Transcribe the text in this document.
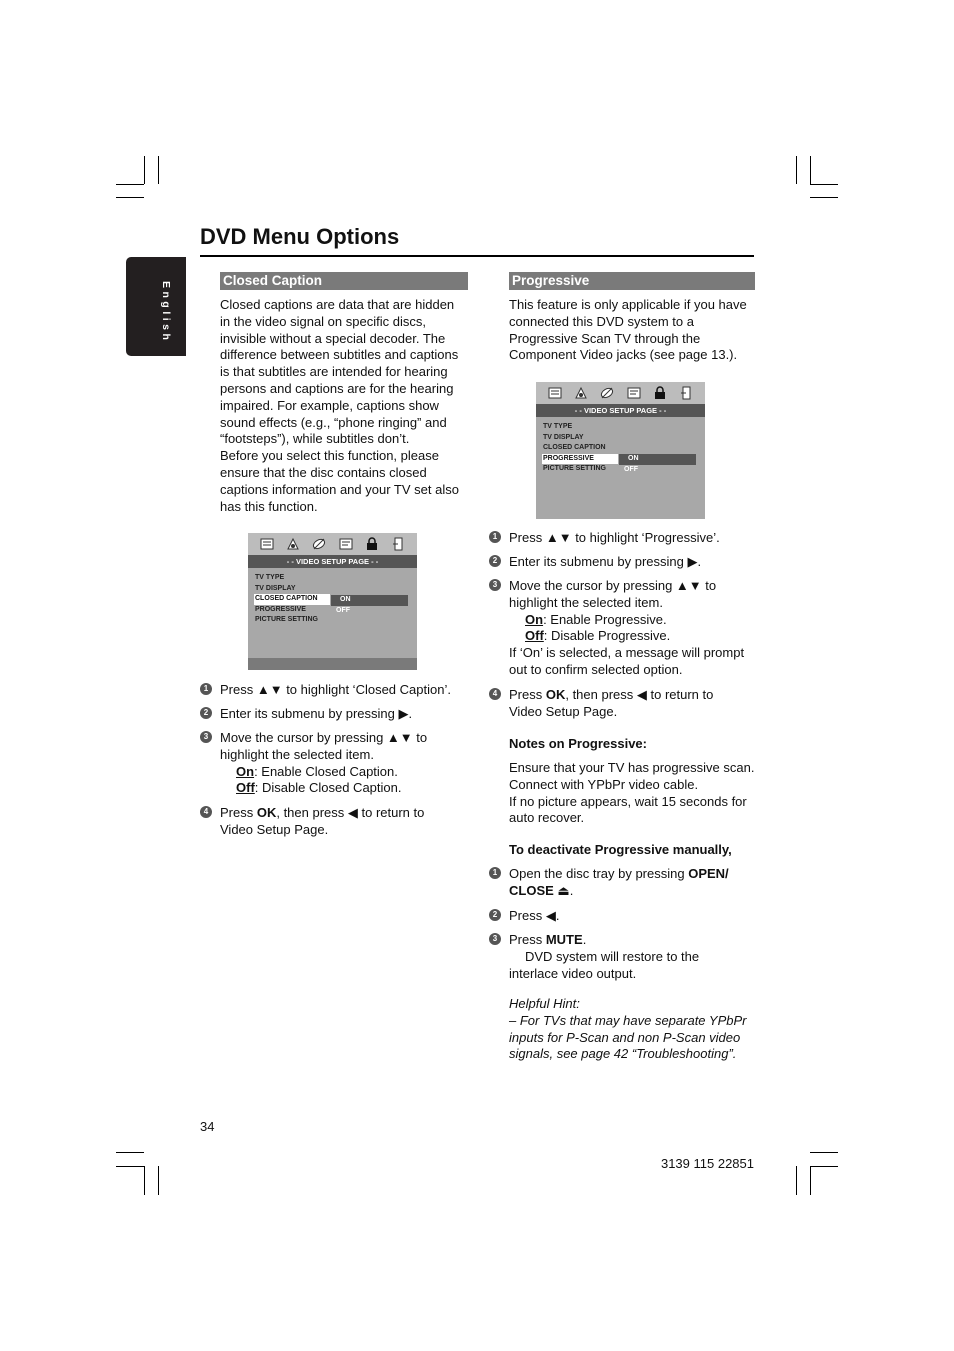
DVD Menu Options
English
Closed Caption

Closed captions are data that are hidden

in the video signal on specific discs,

invisible without a special decoder. The

difference between subtitles and captions

is that subtitles are intended for hearing

persons and captions are for the hearing

impaired. For example, captions show

sound effects (e.g., “phone ringing” and

“footsteps”), while subtitles don’t.

Before you select this function, please

ensure that the disc contains closed

captions information and your TV set also

has this function.

- - VIDEO SETUP PAGE - -
TV TYPE
TV DISPLAY
CLOSED CAPTION
PROGRESSIVE
PICTURE SETTING
ON
OFF
1 Press ▲▼ to highlight ‘Closed Caption’.
2 Enter its submenu by pressing ▶.
3 Move the cursor by pressing ▲▼ to
highlight the selected item.
On: Enable Closed Caption.
Off: Disable Closed Caption.
4 Press OK, then press ◀ to return to
Video Setup Page.
Progressive

This feature is only applicable if you have

connected this DVD system to a

Progressive Scan TV through the

Component Video jacks (see page 13.).

- - VIDEO SETUP PAGE - -
TV TYPE
TV DISPLAY
CLOSED CAPTION
PROGRESSIVE
PICTURE SETTING
ON
OFF
1 Press ▲▼ to highlight ‘Progressive’.
2 Enter its submenu by pressing ▶.
3 Move the cursor by pressing ▲▼ to
highlight the selected item.
On: Enable Progressive.
Off: Disable Progressive.
If ‘On’ is selected, a message will prompt
out to confirm selected option.
4 Press OK, then press ◀ to return to
Video Setup Page.
Notes on Progressive:
Ensure that your TV has progressive scan.
Connect with YPbPr video cable.
If no picture appears, wait 15 seconds for
auto recover.
To deactivate Progressive manually,
1 Open the disc tray by pressing OPEN/
CLOSE ⏏.
2 Press ◀.
3 Press MUTE.
DVD system will restore to the
interlace video output.
Helpful Hint:
– For TVs that may have separate YPbPr
inputs for P-Scan and non P-Scan video
signals, see page 42 “Troubleshooting”.
34
3139 115 22851
